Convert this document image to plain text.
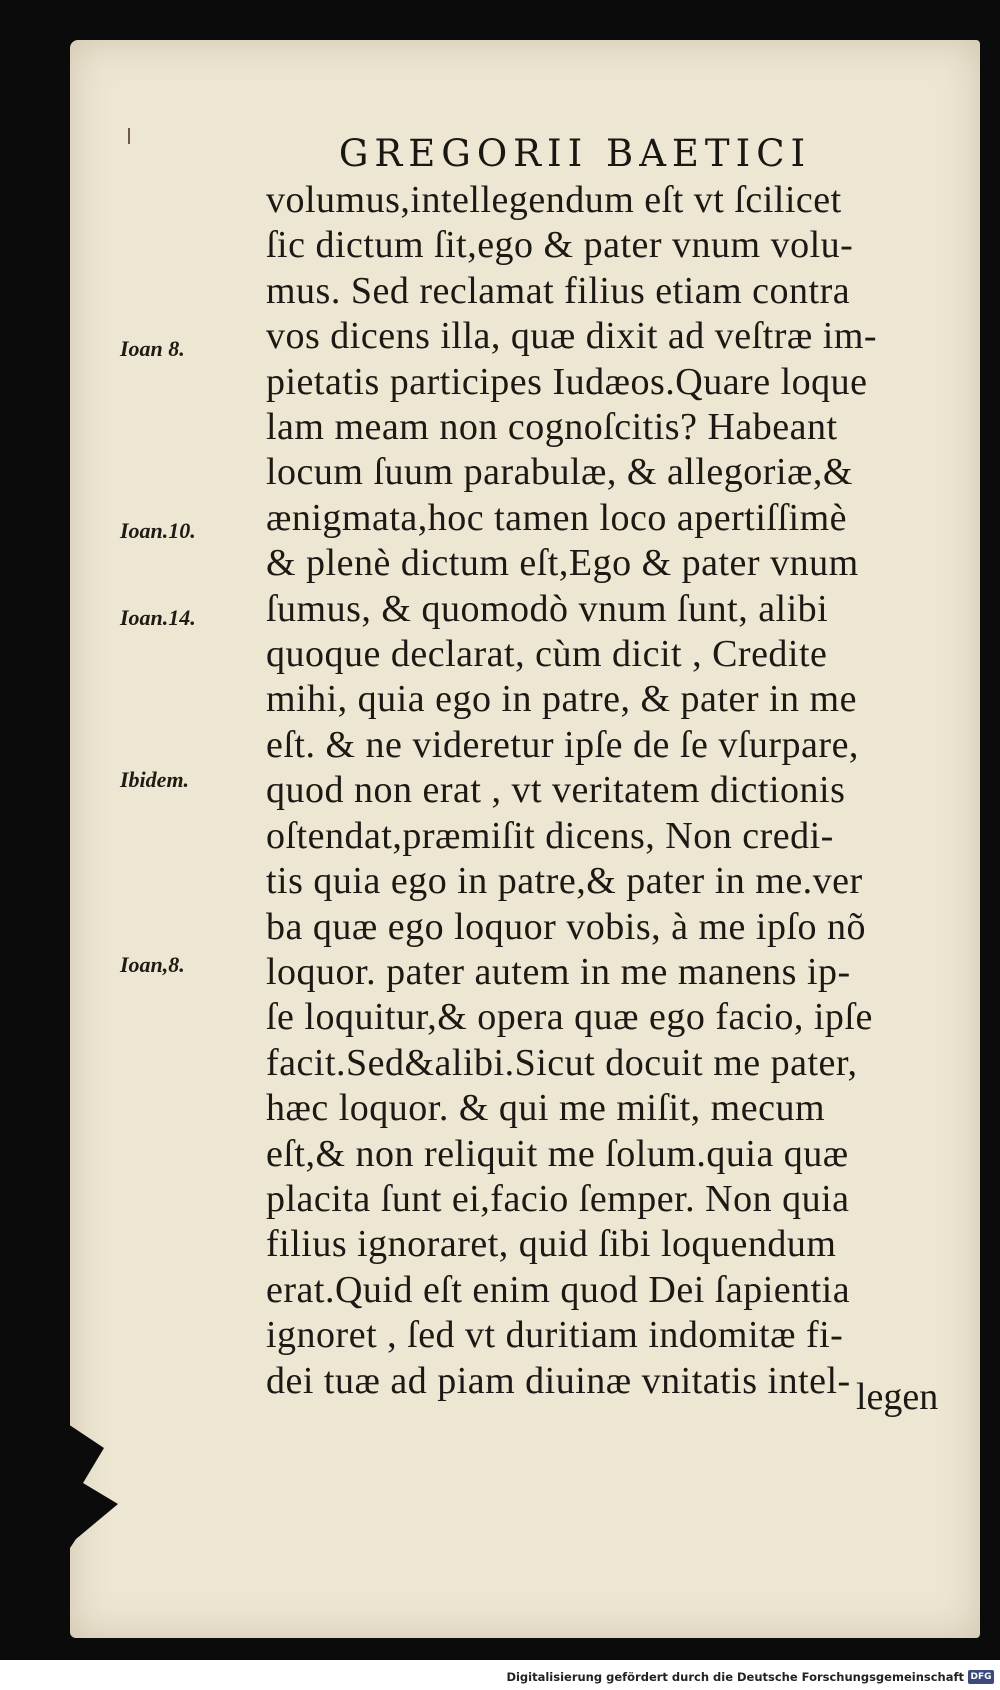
GREGORII BAETICI
Ioan 8.
Ioan.10.
Ioan.14.
Ibidem.
Ioan,8.
volumus,intellegendum eſt vt ſcilicet
ſic dictum ſit,ego & pater vnum volu-
mus. Sed reclamat filius etiam contra
vos dicens illa, quæ dixit ad veſtræ im-
pietatis participes Iudæos.Quare loque
lam meam non cognoſcitis? Habeant
locum ſuum parabulæ, & allegoriæ,&
ænigmata,hoc tamen loco apertiſſimè
& plenè dictum eſt,Ego & pater vnum
ſumus, & quomodò vnum ſunt, alibi
quoque declarat, cùm dicit , Credite
mihi, quia ego in patre, & pater in me
eſt. & ne videretur ipſe de ſe vſurpare,
quod non erat , vt veritatem dictionis
oſtendat,præmiſit dicens, Non credi-
tis quia ego in patre,& pater in me.ver
ba quæ ego loquor vobis, à me ipſo nõ
loquor. pater autem in me manens ip-
ſe loquitur,& opera quæ ego facio, ipſe
facit.Sed&alibi.Sicut docuit me pater,
hæc loquor. & qui me miſit, mecum
eſt,& non reliquit me ſolum.quia quæ
placita ſunt ei,facio ſemper. Non quia
filius ignoraret, quid ſibi loquendum
erat.Quid eſt enim quod Dei ſapientia
ignoret , ſed vt duritiam indomitæ fi-
dei tuæ ad piam diuinæ vnitatis intel- legen
Digitalisierung gefördert durch die Deutsche Forschungsgemeinschaft DFG
